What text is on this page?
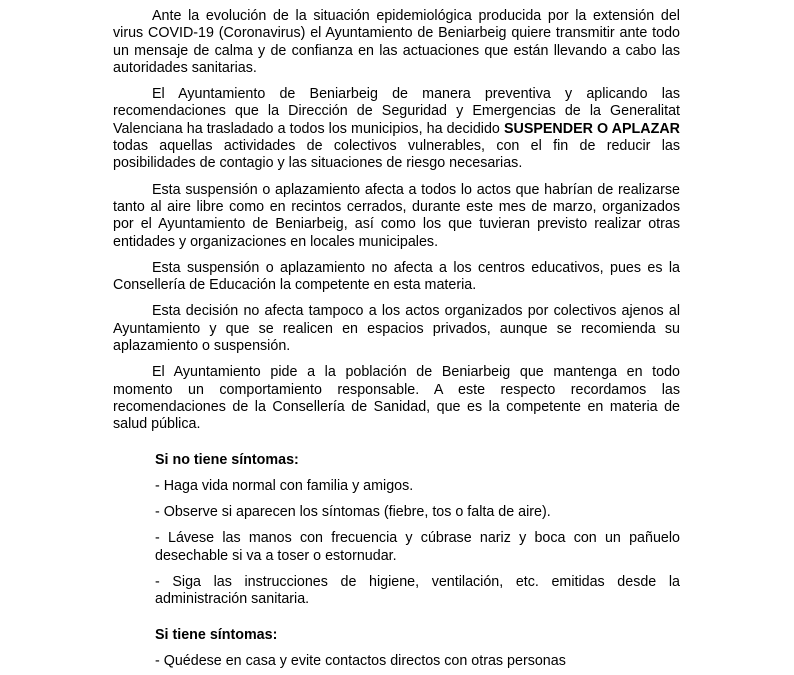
Ante la evolución de la situación epidemiológica producida por la extensión del virus COVID-19 (Coronavirus) el Ayuntamiento de Beniarbeig quiere transmitir ante todo un mensaje de calma y de confianza en las actuaciones que están llevando a cabo las autoridades sanitarias.

El Ayuntamiento de Beniarbeig de manera preventiva y aplicando las recomendaciones que la Dirección de Seguridad y Emergencias de la Generalitat Valenciana ha trasladado a todos los municipios, ha decidido SUSPENDER O APLAZAR todas aquellas actividades de colectivos vulnerables, con el fin de reducir las posibilidades de contagio y las situaciones de riesgo necesarias.

Esta suspensión o aplazamiento afecta a todos lo actos que habrían de realizarse tanto al aire libre como en recintos cerrados, durante este mes de marzo, organizados por el Ayuntamiento de Beniarbeig, así como los que tuvieran previsto realizar otras entidades y organizaciones en locales municipales.

Esta suspensión o aplazamiento no afecta a los centros educativos, pues es la Consellería de Educación la competente en esta materia.

Esta decisión no afecta tampoco a los actos organizados por colectivos ajenos al Ayuntamiento y que se realicen en espacios privados, aunque se recomienda su aplazamiento o suspensión.

El Ayuntamiento pide a la población de Beniarbeig que mantenga en todo momento un comportamiento responsable. A este respecto recordamos las recomendaciones de la Consellería de Sanidad, que es la competente en materia de salud pública.

Si no tiene síntomas:

- Haga vida normal con familia y amigos.

- Observe si aparecen los síntomas (fiebre, tos o falta de aire).

- Lávese las manos con frecuencia y cúbrase nariz y boca con un pañuelo desechable si va a toser o estornudar.

- Siga las instrucciones de higiene, ventilación, etc. emitidas desde la administración sanitaria.

Si tiene síntomas:

- Quédese en casa y evite contactos directos con otras personas
